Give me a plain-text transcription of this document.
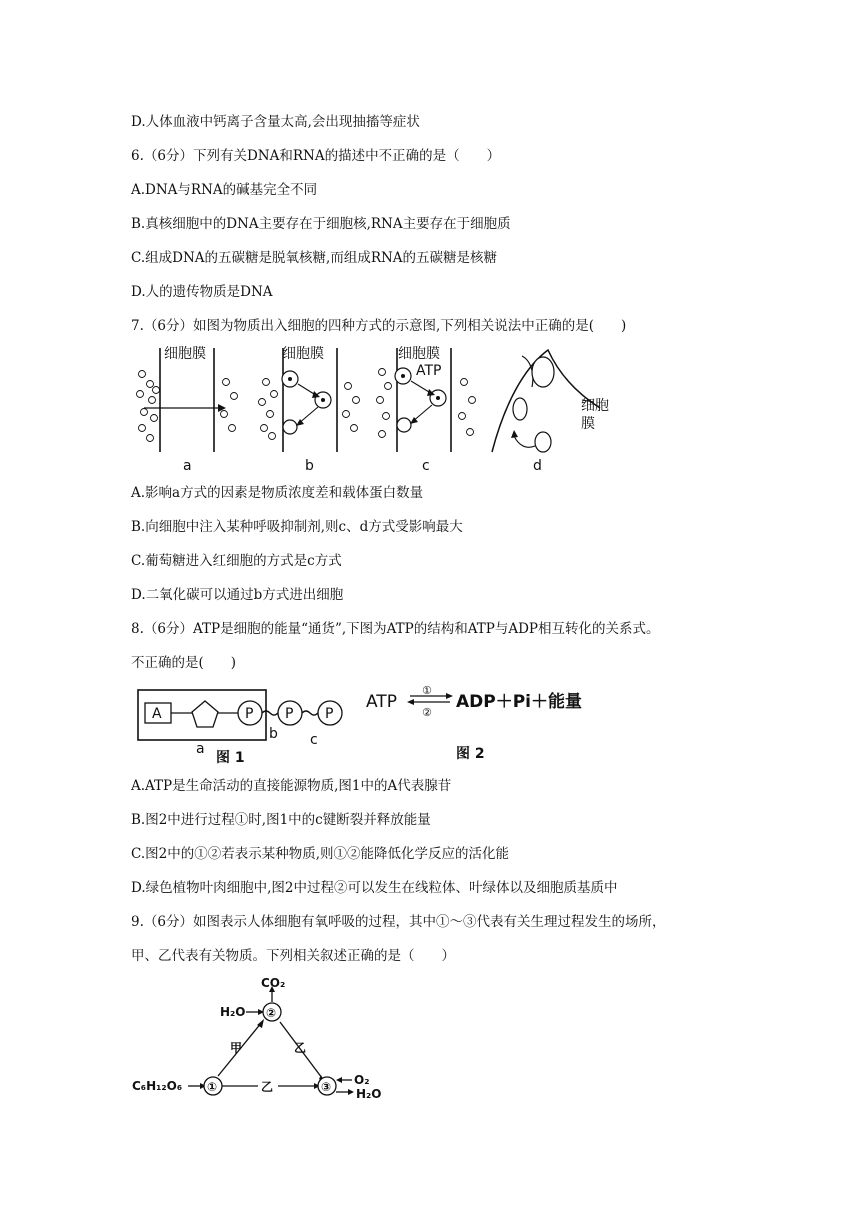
D.人体血液中钙离子含量太高,会出现抽搐等症状
6.（6分）下列有关DNA和RNA的描述中不正确的是（　　）
A.DNA与RNA的碱基完全不同
B.真核细胞中的DNA主要存在于细胞核,RNA主要存在于细胞质
C.组成DNA的五碳糖是脱氧核糖,而组成RNA的五碳糖是核糖
D.人的遗传物质是DNA
7.（6分）如图为物质出入细胞的四种方式的示意图,下列相关说法中正确的是(　　)
细胞膜	细胞膜	细胞膜
ATP
细胞
膜
a	b	c	d
A.影响a方式的因素是物质浓度差和载体蛋白数量
B.向细胞中注入某种呼吸抑制剂,则c、d方式受影响最大
C.葡萄糖进入红细胞的方式是c方式
D.二氧化碳可以通过b方式进出细胞
8.（6分）ATP是细胞的能量“通货”,下图为ATP的结构和ATP与ADP相互转化的关系式。
不正确的是(　　)
A	P P P
a
b c
图 1	图 2
ATP
①
②
ADP＋Pi＋能量
A.ATP是生命活动的直接能源物质,图1中的A代表腺苷
B.图2中进行过程①时,图1中的c键断裂并释放能量
C.图2中的①②若表示某种物质,则①②能降低化学反应的活化能
D.绿色植物叶肉细胞中,图2中过程②可以发生在线粒体、叶绿体以及细胞质基质中
9.（6分）如图表示人体细胞有氧呼吸的过程，其中①～③代表有关生理过程发生的场所，
甲、乙代表有关物质。下列相关叙述正确的是（　　）
CO₂
H₂O ②
甲	乙
C₆H₁₂O₆ ①	乙	③ O₂
H₂O
